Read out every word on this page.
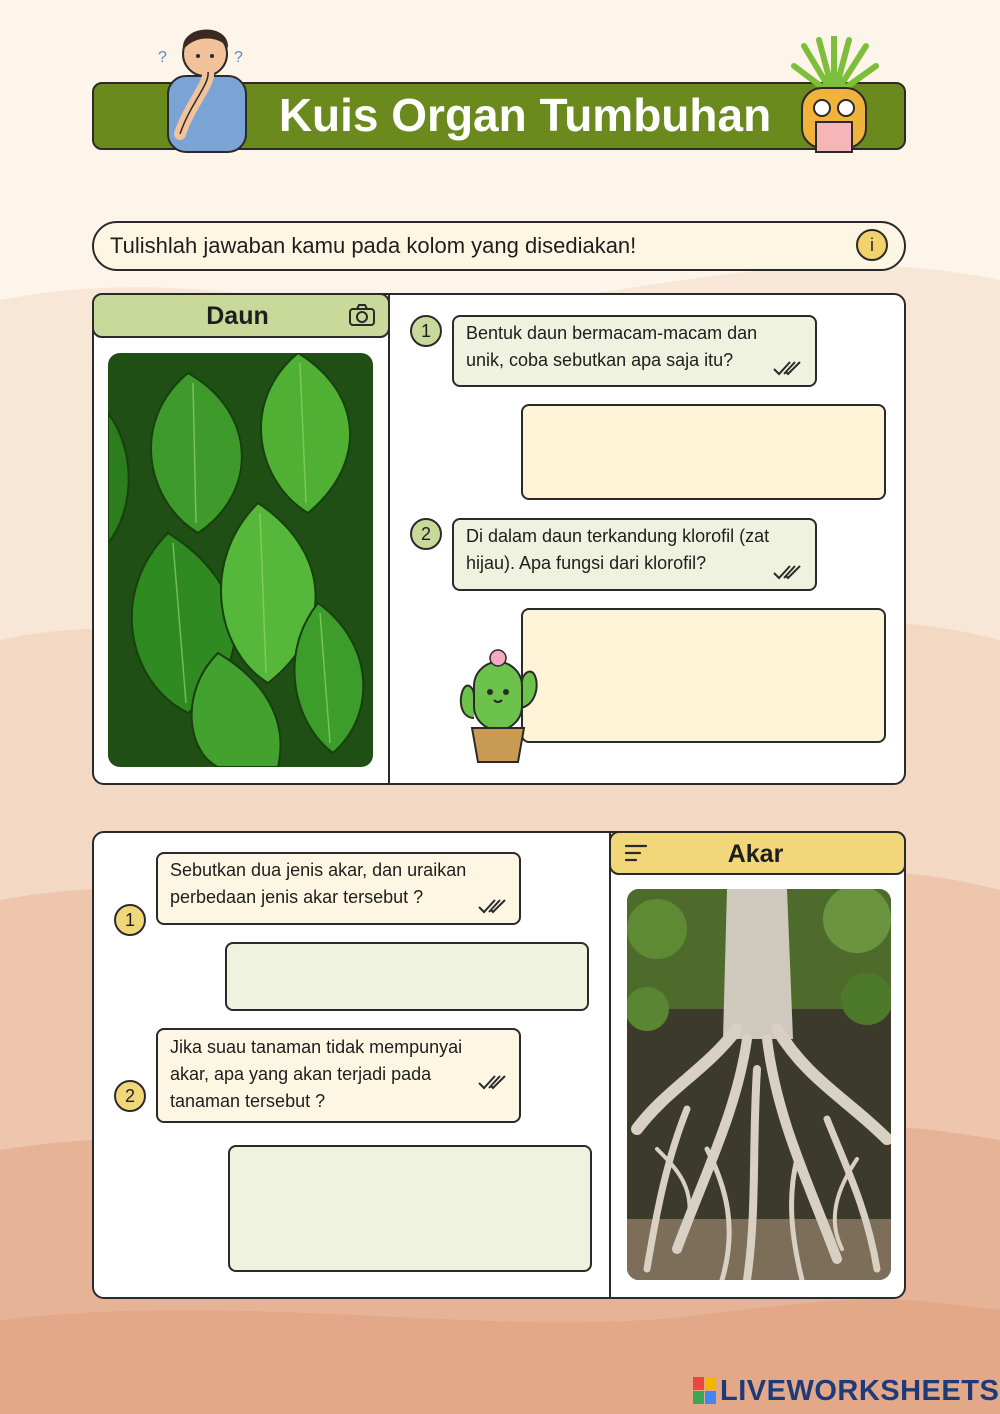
Kuis Organ Tumbuhan
?	?
Tulishlah jawaban kamu pada kolom yang disediakan!	i
Daun
1	Bentuk daun bermacam-macam dan unik, coba sebutkan apa saja itu?
2	Di dalam daun terkandung klorofil (zat hijau). Apa fungsi dari klorofil?
Akar
Sebutkan dua jenis akar, dan uraikan perbedaan jenis akar tersebut ?
1
Jika suau tanaman tidak mempunyai akar, apa yang akan terjadi pada tanaman tersebut ?
2
LIVEWORKSHEETS
